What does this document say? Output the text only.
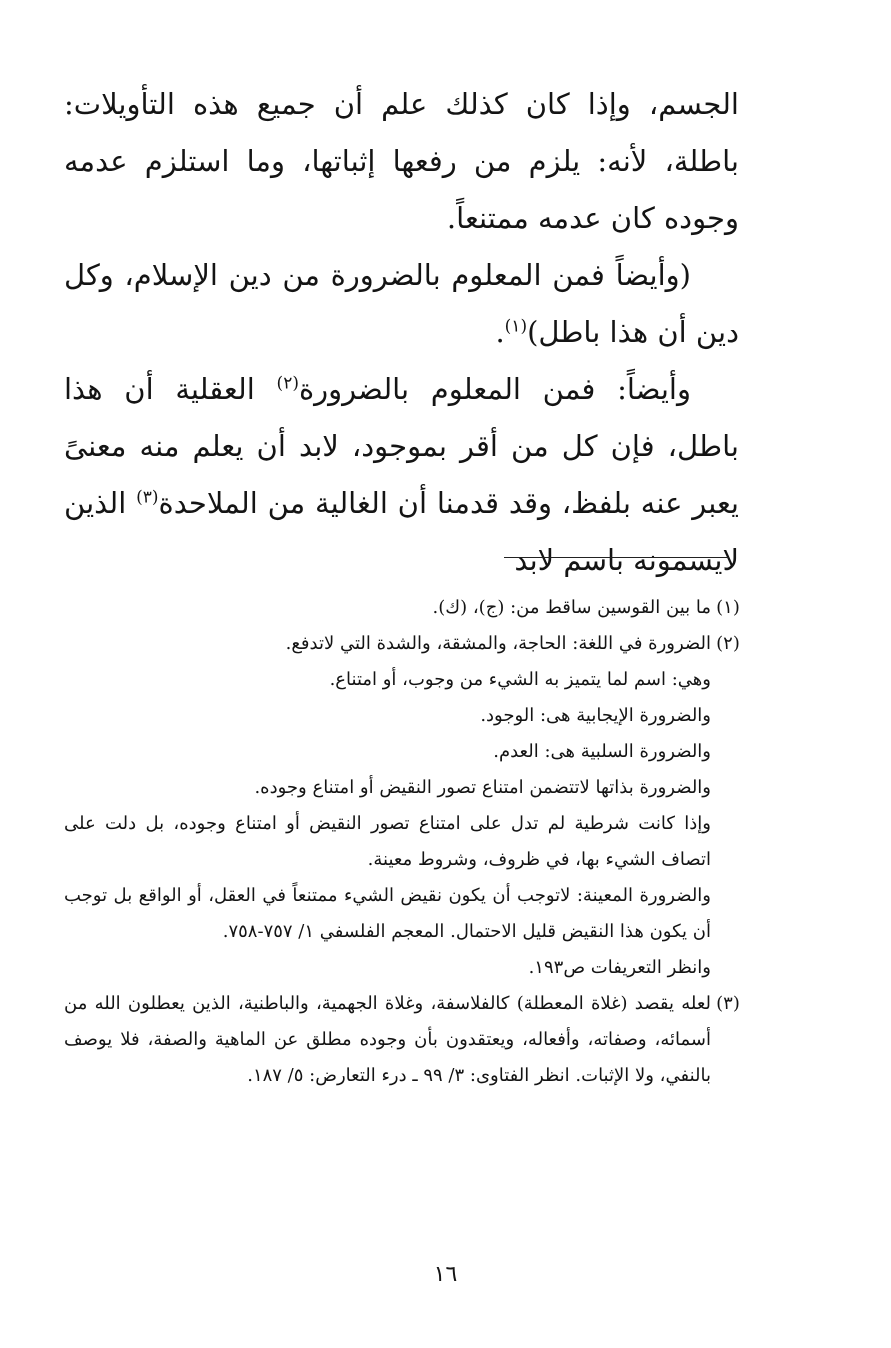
الجسم، وإذا كان كذلك علم أن جميع هذه التأويلات: باطلة، لأنه: يلزم من رفعها إثباتها، وما استلزم عدمه وجوده كان عدمه ممتنعاً.

(وأيضاً فمن المعلوم بالضرورة من دين الإسلام، وكل دين أن هذا باطل)$^{(١)}$.

وأيضاً: فمن المعلوم بالضرورة$^{(٢)}$ العقلية أن هذا باطل، فإن كل من أقر بموجود، لابد أن يعلم منه معنىً يعبر عنه بلفظ، وقد قدمنا أن الغالية من الملاحدة$^{(٣)}$ الذين لايسمونه باسم لابد

(١)
ما بين القوسين ساقط من: (ج)، (ك).
(٢)
الضرورة في اللغة: الحاجة، والمشقة، والشدة التي لاتدفع.
وهي: اسم لما يتميز به الشيء من وجوب، أو امتناع.
والضرورة الإيجابية هى: الوجود.
والضرورة السلبية هى: العدم.
والضرورة بذاتها لاتتضمن امتناع تصور النقيض أو امتناع وجوده.
وإذا كانت شرطية لم تدل على امتناع تصور النقيض أو امتناع وجوده، بل دلت على اتصاف الشيء بها، في ظروف، وشروط معينة.
والضرورة المعينة: لاتوجب أن يكون نقيض الشيء ممتنعاً في العقل، أو الواقع بل توجب أن يكون هذا النقيض قليل الاحتمال. المعجم الفلسفي ١/ ٧٥٧-٧٥٨.
وانظر التعريفات ص١٩٣.
(٣)
لعله يقصد (غلاة المعطلة) كالفلاسفة، وغلاة الجهمية، والباطنية، الذين يعطلون الله من أسمائه، وصفاته، وأفعاله، ويعتقدون بأن وجوده مطلق عن الماهية والصفة، فلا يوصف بالنفي، ولا الإثبات. انظر الفتاوى: ٣/ ٩٩ ـ درء التعارض: ٥/ ١٨٧.
١٦
